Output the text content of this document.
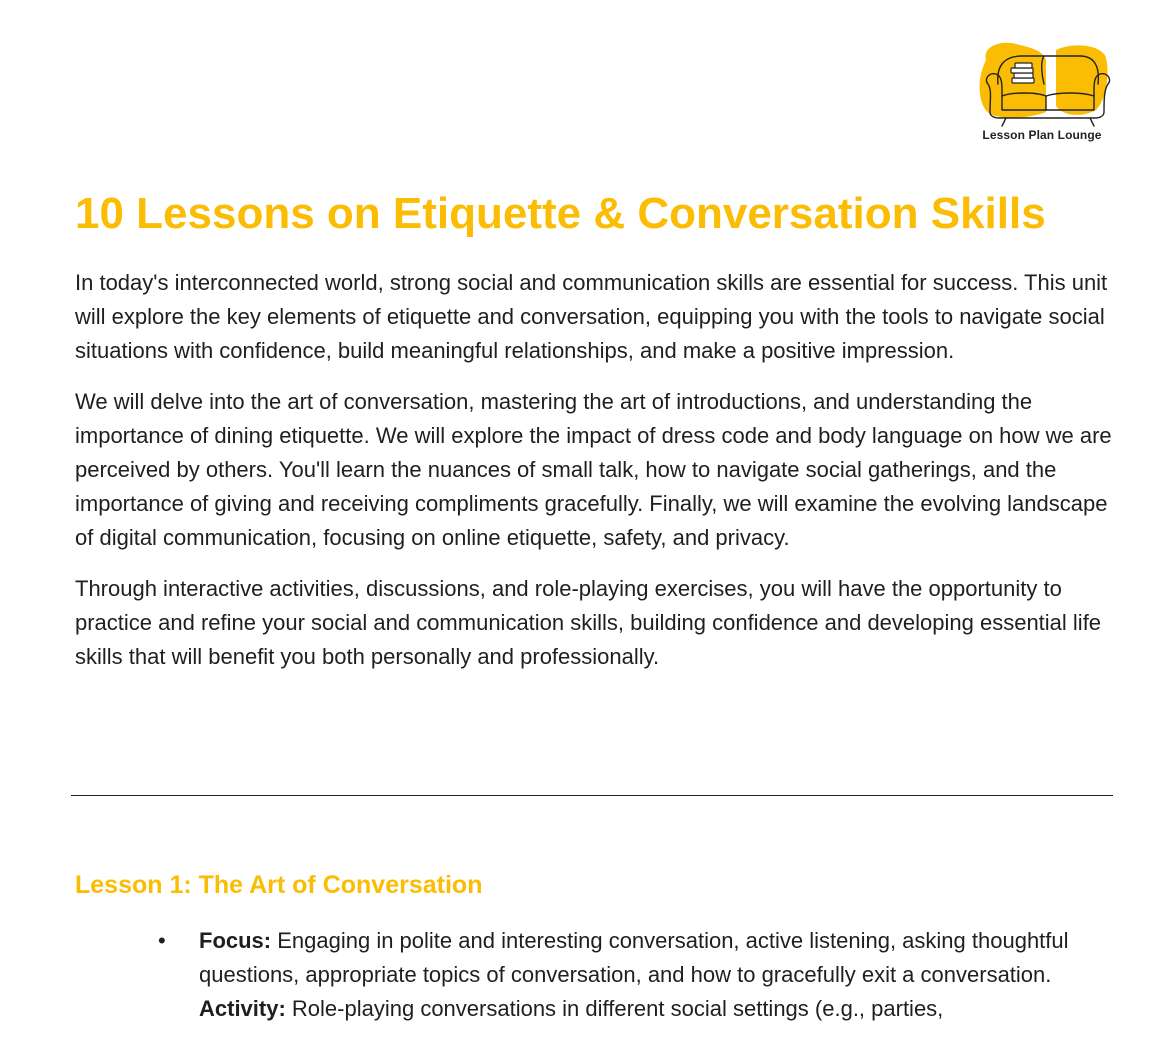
Lesson Plan Lounge
10 Lessons on Etiquette & Conversation Skills

In today's interconnected world, strong social and communication skills are essential for success. This unit will explore the key elements of etiquette and conversation, equipping you with the tools to navigate social situations with confidence, build meaningful relationships, and make a positive impression.

We will delve into the art of conversation, mastering the art of introductions, and understanding the importance of dining etiquette. We will explore the impact of dress code and body language on how we are perceived by others. You'll learn the nuances of small talk, how to navigate social gatherings, and the importance of giving and receiving compliments gracefully. Finally, we will examine the evolving landscape of digital communication, focusing on online etiquette, safety, and privacy.

Through interactive activities, discussions, and role-playing exercises, you will have the opportunity to practice and refine your social and communication skills, building confidence and developing essential life skills that will benefit you both personally and professionally.

Lesson 1: The Art of Conversation
• Focus: Engaging in polite and interesting conversation, active listening, asking thoughtful questions, appropriate topics of conversation, and how to gracefully exit a conversation.
Activity: Role-playing conversations in different social settings (e.g., parties,
